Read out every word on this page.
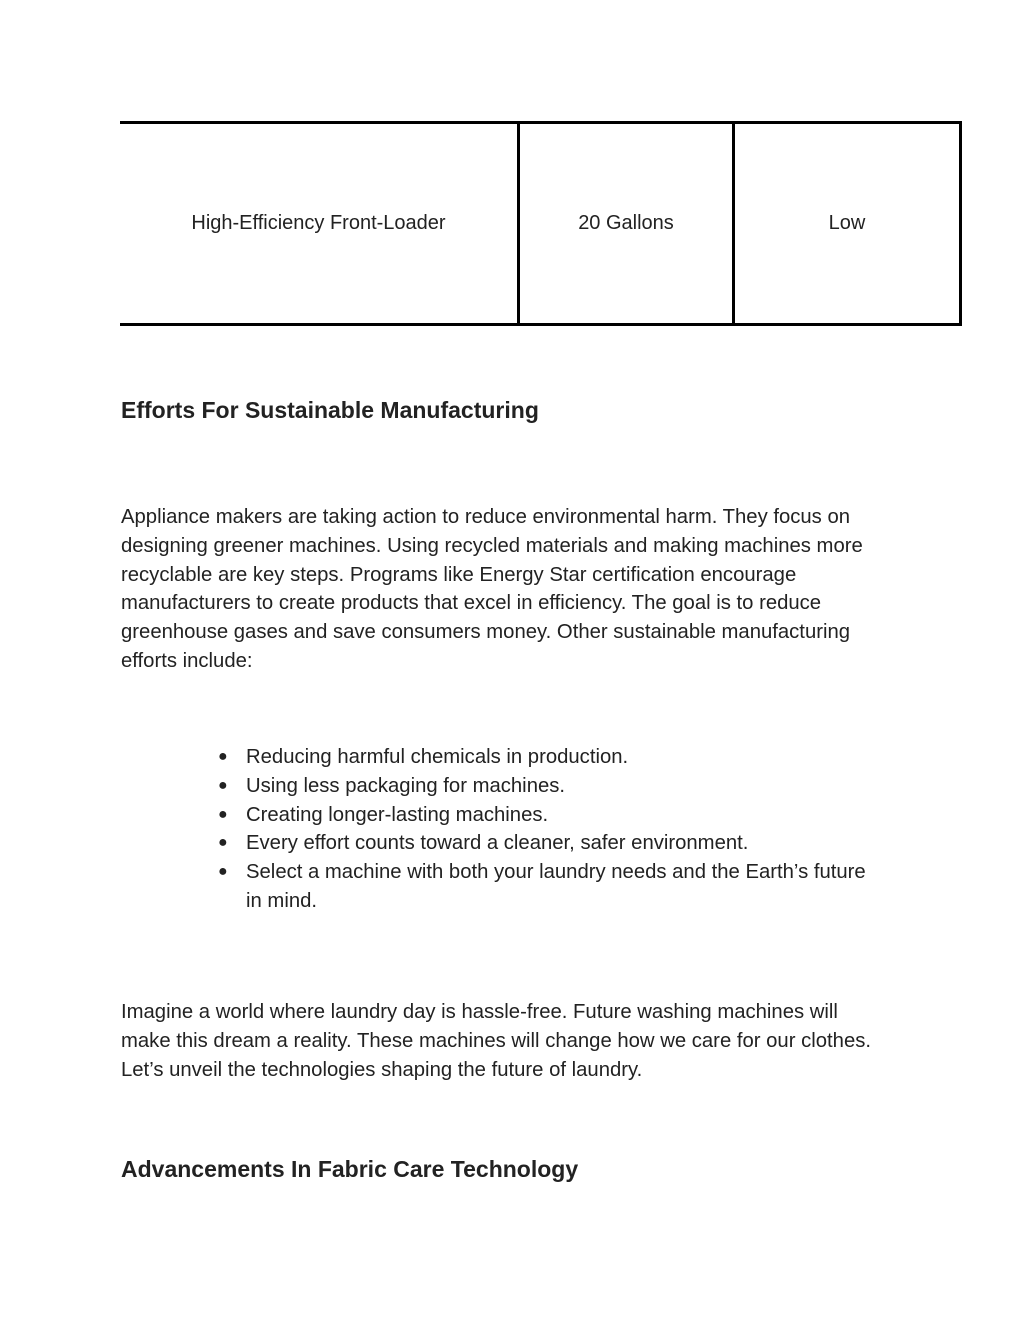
High-Efficiency Front-Loader	20 Gallons	Low
Efforts For Sustainable Manufacturing

Appliance makers are taking action to reduce environmental harm. They focus on designing greener machines. Using recycled materials and making machines more recyclable are key steps. Programs like Energy Star certification encourage manufacturers to create products that excel in efficiency. The goal is to reduce greenhouse gases and save consumers money. Other sustainable manufacturing efforts include:

● Reducing harmful chemicals in production.
● Using less packaging for machines.
● Creating longer-lasting machines.
● Every effort counts toward a cleaner, safer environment.
● Select a machine with both your laundry needs and the Earth’s future in mind.

Imagine a world where laundry day is hassle-free. Future washing machines will make this dream a reality. These machines will change how we care for our clothes. Let’s unveil the technologies shaping the future of laundry.

Advancements In Fabric Care Technology
